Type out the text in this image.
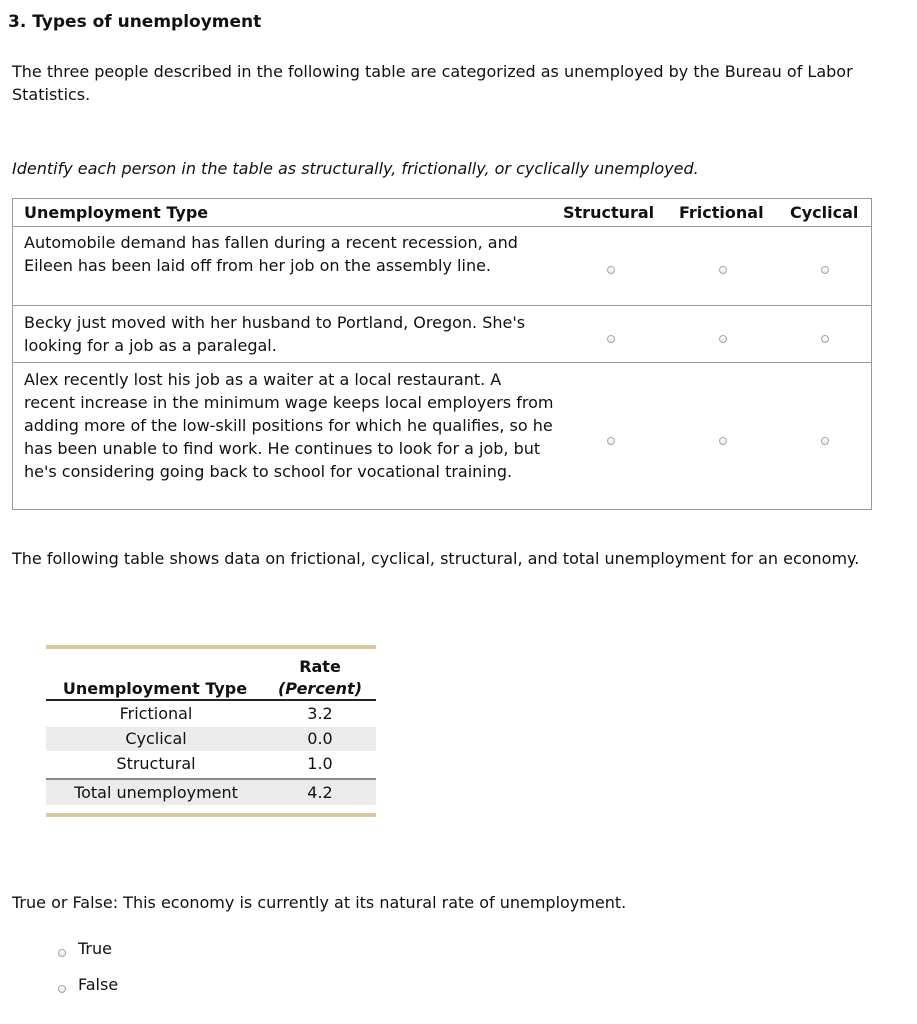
3. Types of unemployment

The three people described in the following table are categorized as unemployed by the Bureau of Labor Statistics.

Identify each person in the table as structurally, frictionally, or cyclically unemployed.

Unemployment Type	Structural Frictional Cyclical
Automobile demand has fallen during a recent recession, and Eileen has been laid off from her job on the assembly line.
Becky just moved with her husband to Portland, Oregon. She's looking for a job as a paralegal.
Alex recently lost his job as a waiter at a local restaurant. A recent increase in the minimum wage keeps local employers from adding more of the low-skill positions for which he qualifies, so he has been unable to find work. He continues to look for a job, but he's considering going back to school for vocational training.

The following table shows data on frictional, cyclical, structural, and total unemployment for an economy.

Rate
Unemployment Type	(Percent)
Frictional	3.2
Cyclical	0.0
Structural	1.0
Total unemployment	4.2

True or False: This economy is currently at its natural rate of unemployment.

True
False
